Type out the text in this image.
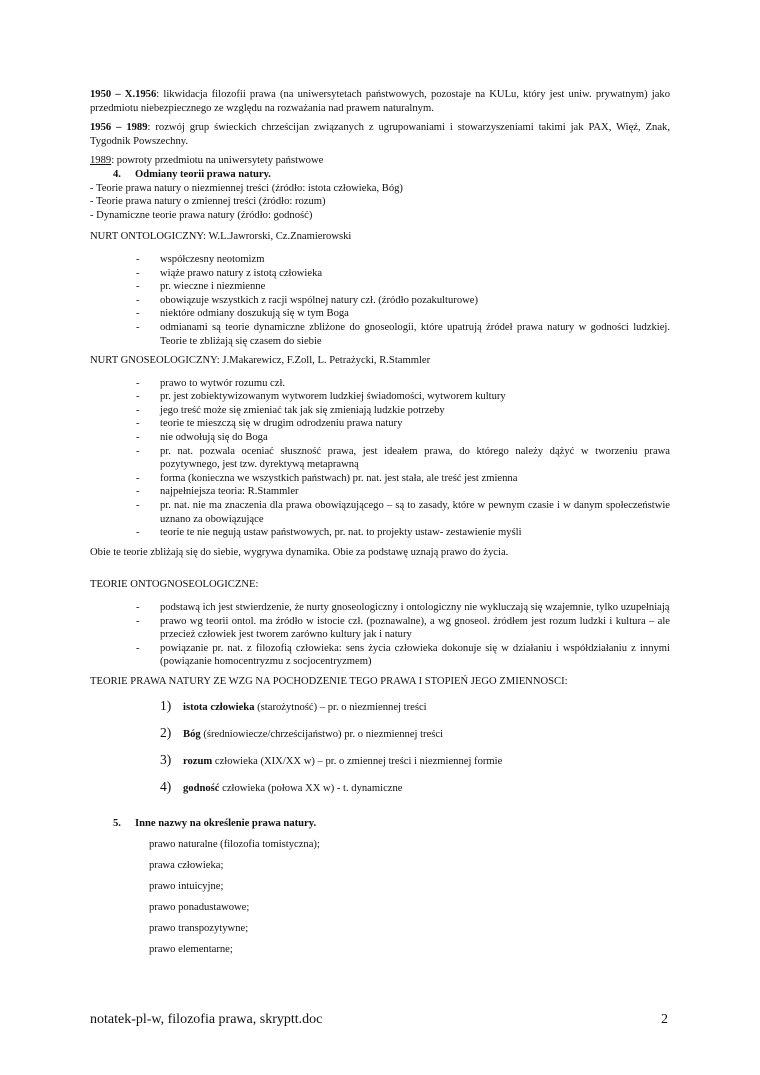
1950 – X.1956: likwidacja filozofii prawa (na uniwersytetach państwowych, pozostaje na KULu, który jest uniw. prywatnym) jako przedmiotu niebezpiecznego ze względu na rozważania nad prawem naturalnym.

1956 – 1989: rozwój grup świeckich chrześcijan związanych z ugrupowaniami i stowarzyszeniami takimi jak PAX, Więź, Znak, Tygodnik Powszechny.

1989: powroty przedmiotu na uniwersytety państwowe

4. Odmiany teorii prawa natury.
- Teorie prawa natury o niezmiennej treści (źródło: istota człowieka, Bóg)
- Teorie prawa natury o zmiennej treści (źródło: rozum)
- Dynamiczne teorie prawa natury (źródło: godność)
NURT ONTOLOGICZNY: W.L.Jawrorski, Cz.Znamierowski
- współczesny neotomizm
- wiąże prawo natury z istotą człowieka
- pr. wieczne i niezmienne
- obowiązuje wszystkich z racji wspólnej natury czł. (źródło pozakulturowe)
- niektóre odmiany doszukują się w tym Boga
- odmianami są teorie dynamiczne zbliżone do gnoseologii, które upatrują źródeł prawa natury w godności ludzkiej. Teorie te zbliżają się czasem do siebie
NURT GNOSEOLOGICZNY: J.Makarewicz, F.Zoll, L. Petrażycki, R.Stammler
- prawo to wytwór rozumu czł.
- pr. jest zobiektywizowanym wytworem ludzkiej świadomości, wytworem kultury
- jego treść może się zmieniać tak jak się zmieniają ludzkie potrzeby
- teorie te mieszczą się w drugim odrodzeniu prawa natury
- nie odwołują się do Boga
- pr. nat. pozwala oceniać słuszność prawa, jest ideałem prawa, do którego należy dążyć w tworzeniu prawa pozytywnego, jest tzw. dyrektywą metaprawną
- forma (konieczna we wszystkich państwach) pr. nat. jest stała, ale treść jest zmienna
- najpełniejsza teoria: R.Stammler
- pr. nat. nie ma znaczenia dla prawa obowiązującego – są to zasady, które w pewnym czasie i w danym społeczeństwie uznano za obowiązujące
- teorie te nie negują ustaw państwowych, pr. nat. to projekty ustaw- zestawienie myśli

Obie te teorie zbliżają się do siebie, wygrywa dynamika. Obie za podstawę uznają prawo do życia.

TEORIE ONTOGNOSEOLOGICZNE:
- podstawą ich jest stwierdzenie, że nurty gnoseologiczny i ontologiczny nie wykluczają się wzajemnie, tylko uzupełniają
- prawo wg teorii ontol. ma źródło w istocie czł. (poznawalne), a wg gnoseol. źródłem jest rozum ludzki i kultura – ale przecież człowiek jest tworem zarówno kultury jak i natury
- powiązanie pr. nat. z filozofią człowieka: sens życia człowieka dokonuje się w działaniu i współdziałaniu z innymi (powiązanie homocentryzmu z socjocentryzmem)
TEORIE PRAWA NATURY ZE WZG NA POCHODZENIE TEGO PRAWA I STOPIEŃ JEGO ZMIENNOSCI:
1) istota człowieka (starożytność) – pr. o niezmiennej treści
2) Bóg (średniowiecze/chrześcijaństwo) pr. o niezmiennej treści
3) rozum człowieka (XIX/XX w) – pr. o zmiennej treści i niezmiennej formie
4) godność człowieka (połowa XX w) - t. dynamiczne
5. Inne nazwy na określenie prawa natury.
prawo naturalne (filozofia tomistyczna);
prawa człowieka;
prawo intuicyjne;
prawo ponadustawowe;
prawo transpozytywne;
prawo elementarne;
notatek-pl-w, filozofia prawa, skryptt.doc	2
